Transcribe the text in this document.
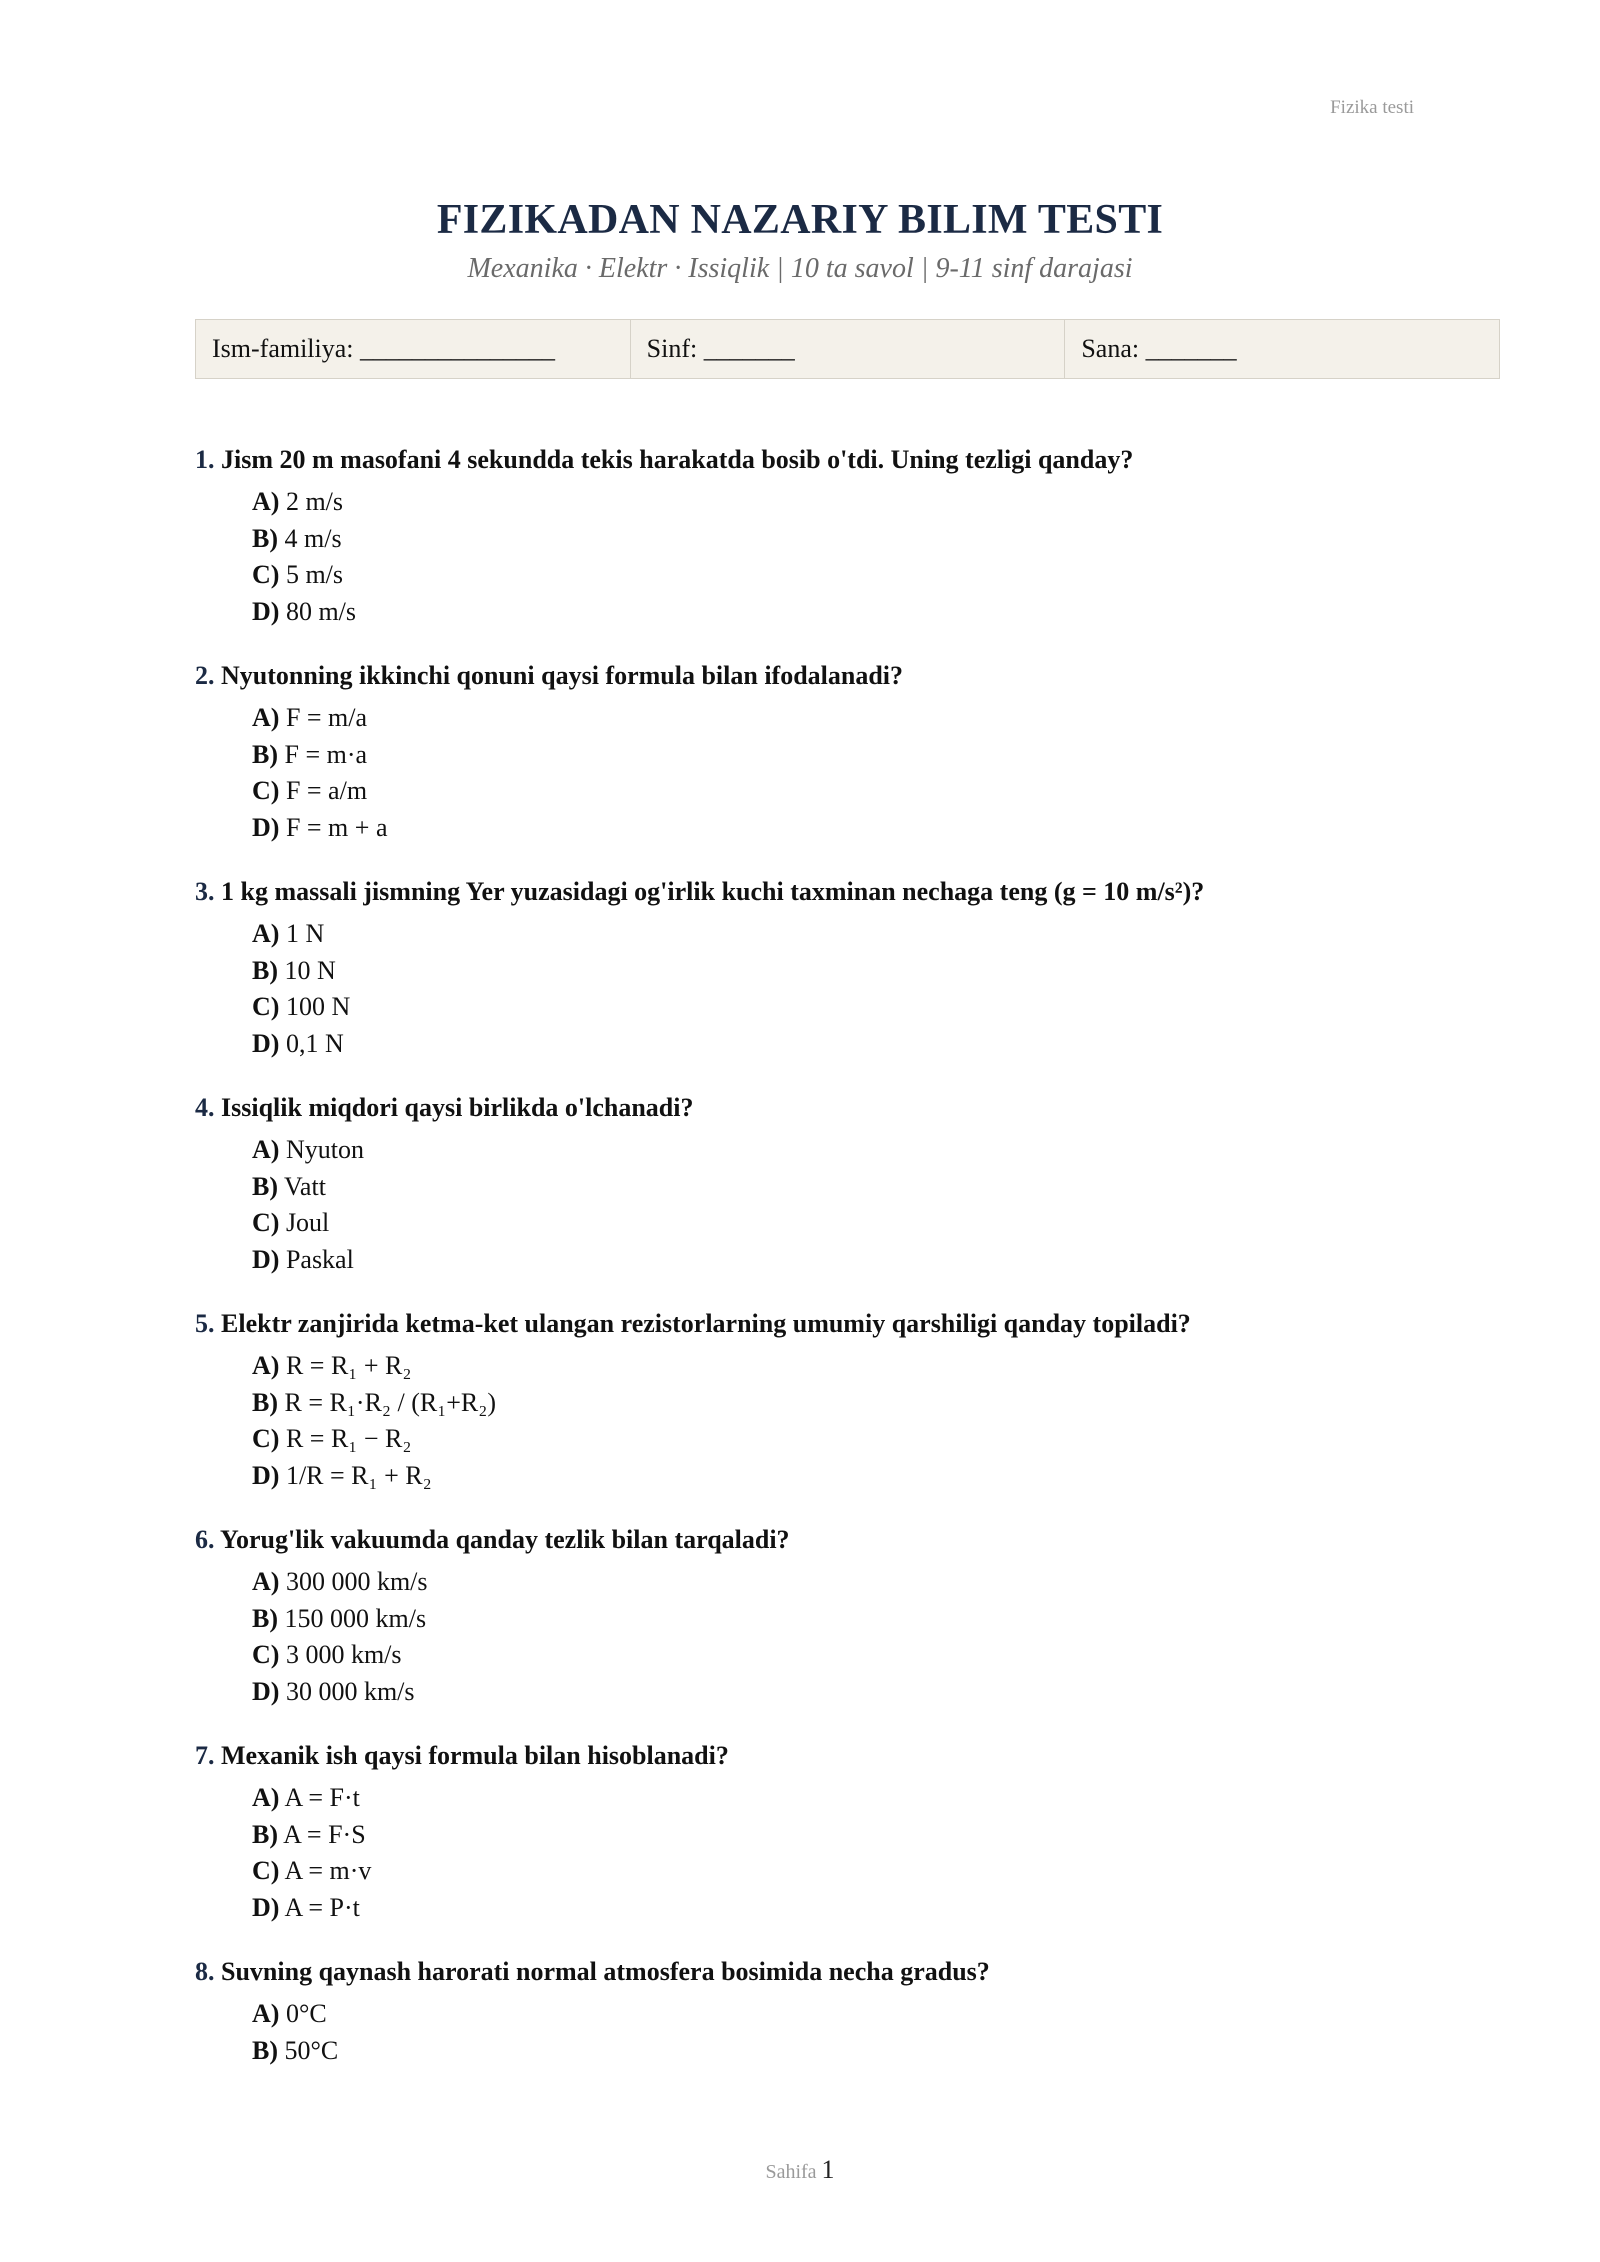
Fizika testi
FIZIKADAN NAZARIY BILIM TESTI
Mexanika · Elektr · Issiqlik | 10 ta savol | 9-11 sinf darajasi
Ism-familiya: _______________	Sinf: _______	Sana: _______
1. Jism 20 m masofani 4 sekundda tekis harakatda bosib o'tdi. Uning tezligi qanday?
A) 2 m/s
B) 4 m/s
C) 5 m/s
D) 80 m/s
2. Nyutonning ikkinchi qonuni qaysi formula bilan ifodalanadi?
A) F = m/a
B) F = m·a
C) F = a/m
D) F = m + a
3. 1 kg massali jismning Yer yuzasidagi og'irlik kuchi taxminan nechaga teng (g = 10 m/s²)?
A) 1 N
B) 10 N
C) 100 N
D) 0,1 N
4. Issiqlik miqdori qaysi birlikda o'lchanadi?
A) Nyuton
B) Vatt
C) Joul
D) Paskal
5. Elektr zanjirida ketma-ket ulangan rezistorlarning umumiy qarshiligi qanday topiladi?
A) R = R₁ + R₂
B) R = R₁·R₂ / (R₁+R₂)
C) R = R₁ − R₂
D) 1/R = R₁ + R₂
6. Yorug'lik vakuumda qanday tezlik bilan tarqaladi?
A) 300 000 km/s
B) 150 000 km/s
C) 3 000 km/s
D) 30 000 km/s
7. Mexanik ish qaysi formula bilan hisoblanadi?
A) A = F·t
B) A = F·S
C) A = m·v
D) A = P·t
8. Suvning qaynash harorati normal atmosfera bosimida necha gradus?
A) 0°C
B) 50°C
Sahifa 1
